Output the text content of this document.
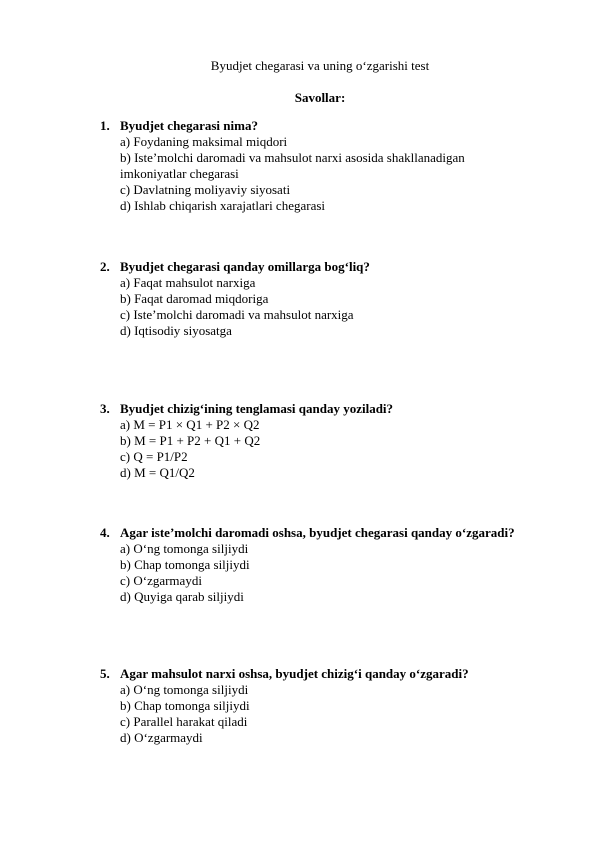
Byudjet chegarasi va uning o‘zgarishi test
Savollar:
1. Byudjet chegarasi nima?
a) Foydaning maksimal miqdori
b) Iste’molchi daromadi va mahsulot narxi asosida shakllanadigan
imkoniyatlar chegarasi
c) Davlatning moliyaviy siyosati
d) Ishlab chiqarish xarajatlari chegarasi
2. Byudjet chegarasi qanday omillarga bog‘liq?
a) Faqat mahsulot narxiga
b) Faqat daromad miqdoriga
c) Iste’molchi daromadi va mahsulot narxiga
d) Iqtisodiy siyosatga
3. Byudjet chizig‘ining tenglamasi qanday yoziladi?
a) M = P1 × Q1 + P2 × Q2
b) M = P1 + P2 + Q1 + Q2
c) Q = P1/P2
d) M = Q1/Q2
4. Agar iste’molchi daromadi oshsa, byudjet chegarasi qanday o‘zgaradi?
a) O‘ng tomonga siljiydi
b) Chap tomonga siljiydi
c) O‘zgarmaydi
d) Quyiga qarab siljiydi
5. Agar mahsulot narxi oshsa, byudjet chizig‘i qanday o‘zgaradi?
a) O‘ng tomonga siljiydi
b) Chap tomonga siljiydi
c) Parallel harakat qiladi
d) O‘zgarmaydi
